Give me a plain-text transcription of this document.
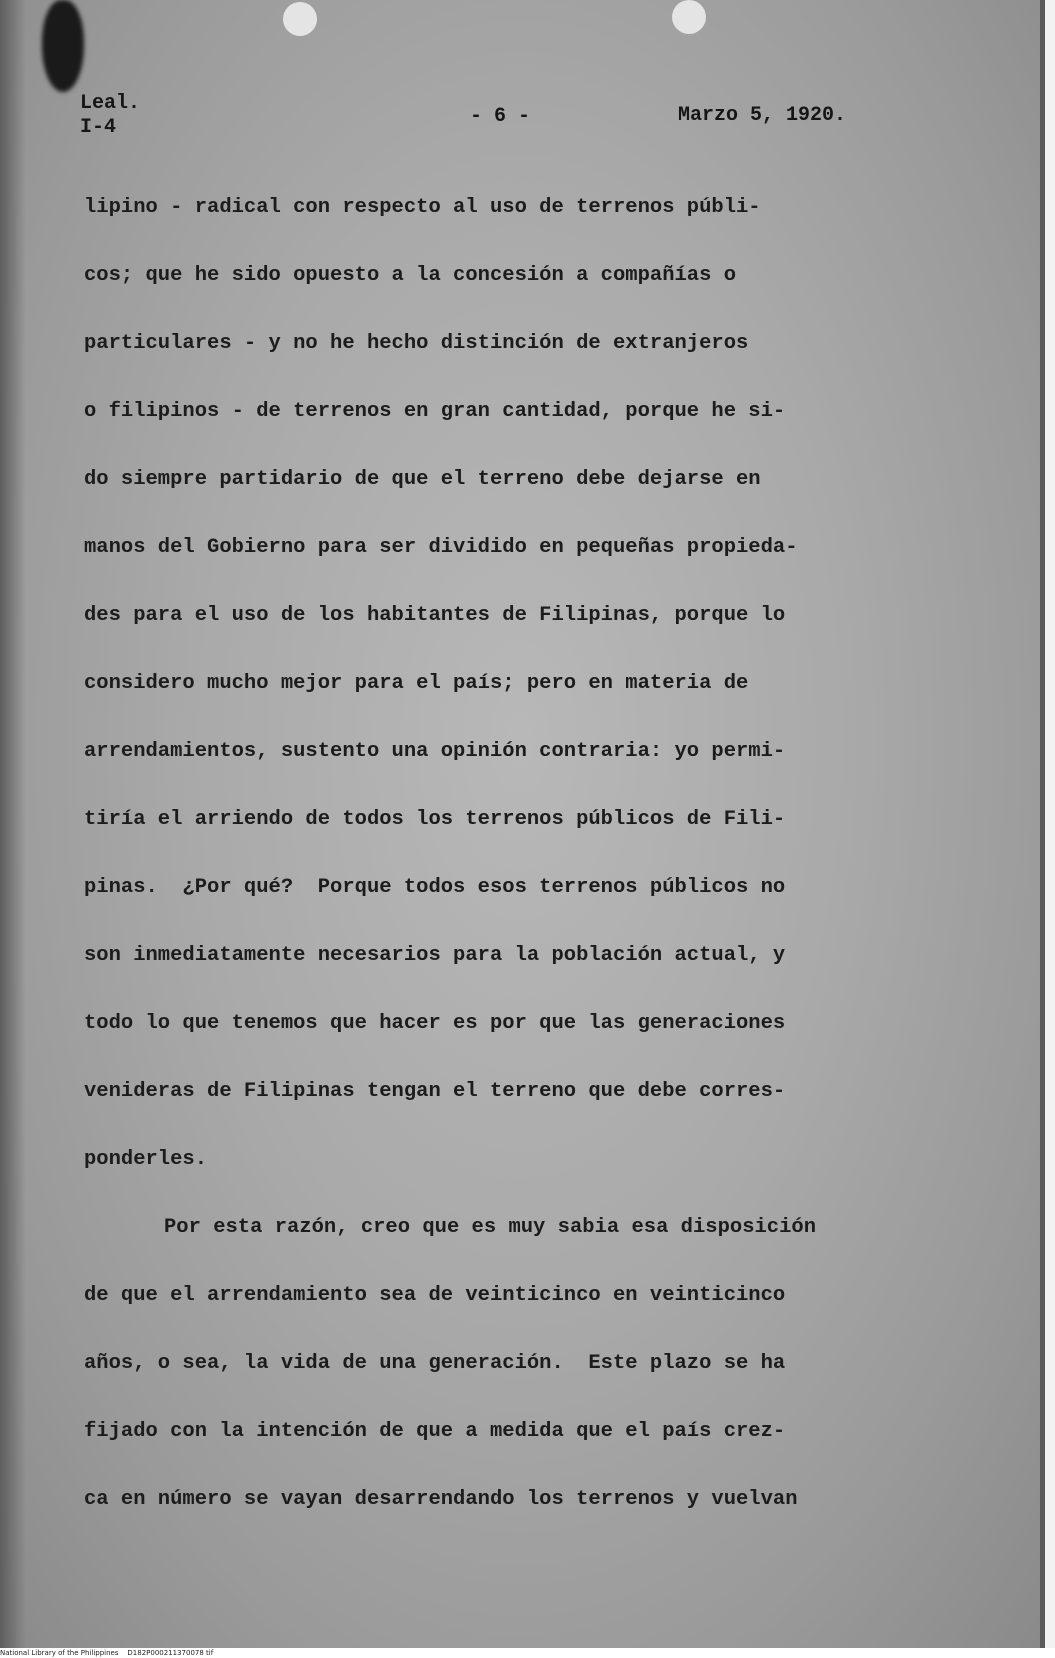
Leal.
I-4	- 6 -	Marzo 5, 1920.
lipino - radical con respecto al uso de terrenos públi-
cos; que he sido opuesto a la concesión a compañías o
particulares - y no he hecho distinción de extranjeros
o filipinos - de terrenos en gran cantidad, porque he si-
do siempre partidario de que el terreno debe dejarse en
manos del Gobierno para ser dividido en pequeñas propieda-
des para el uso de los habitantes de Filipinas, porque lo
considero mucho mejor para el país; pero en materia de
arrendamientos, sustento una opinión contraria: yo permi-
tiría el arriendo de todos los terrenos públicos de Fili-
pinas.  ¿Por qué?  Porque todos esos terrenos públicos no
son inmediatamente necesarios para la población actual, y
todo lo que tenemos que hacer es por que las generaciones
venideras de Filipinas tengan el terreno que debe corres-
ponderles.
Por esta razón, creo que es muy sabia esa disposición
de que el arrendamiento sea de veinticinco en veinticinco
años, o sea, la vida de una generación.  Este plazo se ha
fijado con la intención de que a medida que el país crez-
ca en número se vayan desarrendando los terrenos y vuelvan
National Library of the Philippines D182P000211370078 tif
